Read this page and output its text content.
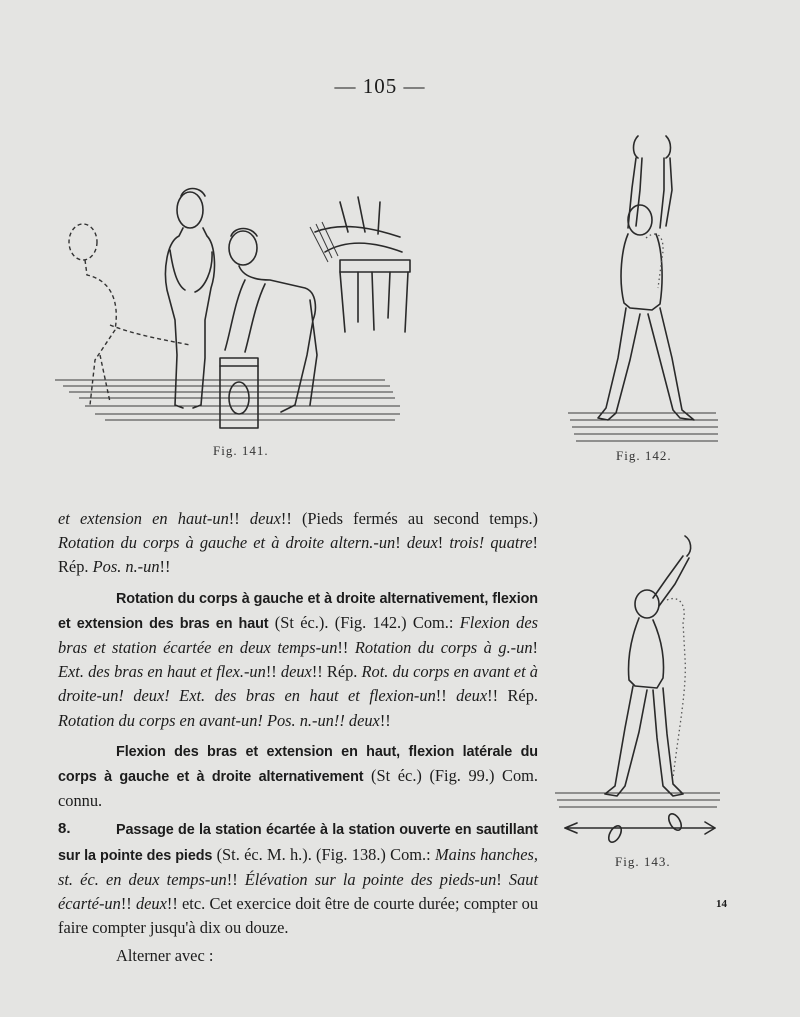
— 105 —
Fig. 141.	Fig. 142.
Fig. 143.

et extension en haut-un!! deux!! (Pieds fermés au second temps.) Rotation du corps à gauche et à droite altern.-un! deux! trois! quatre! Rép. Pos. n.-un!!

Rotation du corps à gauche et à droite alternativement, flexion et extension des bras en haut (St éc.). (Fig. 142.) Com.: Flexion des bras et station écartée en deux temps-un!! Rotation du corps à g.-un! Ext. des bras en haut et flex.-un!! deux!! Rép. Rot. du corps en avant et à droite-un! deux! Ext. des bras en haut et flexion-un!! deux!! Rép. Rotation du corps en avant-un! Pos. n.-un!! deux!!

Flexion des bras et extension en haut, flexion latérale du corps à gauche et à droite alternativement (St éc.) (Fig. 99.) Com. connu.

8.	Passage de la station écartée à la station ouverte en sautillant sur la pointe des pieds (St. éc. M. h.). (Fig. 138.) Com.: Mains hanches, st. éc. en deux temps-un!! Élévation sur la pointe des pieds-un! Saut écarté-un!! deux!! etc. Cet exercice doit être de courte durée; compter ou faire compter jusqu'à dix ou douze.

Alterner avec :

14
